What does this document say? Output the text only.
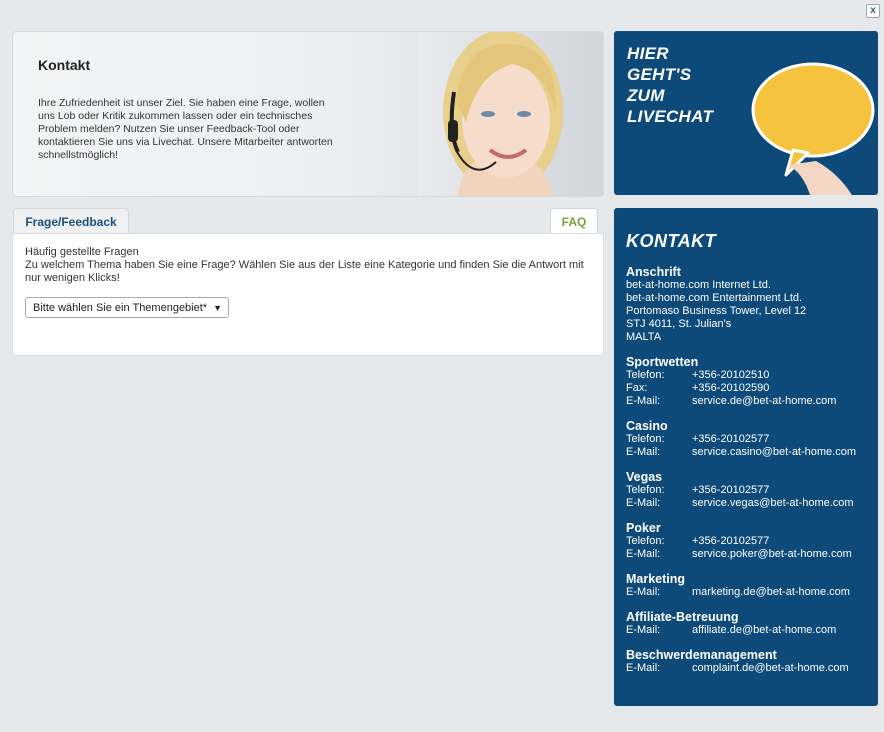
x
Kontakt
Ihre Zufriedenheit ist unser Ziel. Sie haben eine Frage, wollen uns Lob oder Kritik zukommen lassen oder ein technisches Problem melden? Nutzen Sie unser Feedback-Tool oder kontaktieren Sie uns via Livechat. Unsere Mitarbeiter antworten schnellstmöglich!
HIER
GEHT'S
ZUM
LIVECHAT
Frage/Feedback	FAQ
Häufig gestellte Fragen
Zu welchem Thema haben Sie eine Frage? Wählen Sie aus der Liste eine Kategorie und finden Sie die Antwort mit nur wenigen Klicks!
Bitte wählen Sie ein Themengebiet* ▼
KONTAKT
Anschrift
bet-at-home.com Internet Ltd.
bet-at-home.com Entertainment Ltd.
Portomaso Business Tower, Level 12
STJ 4011, St. Julian's
MALTA
Sportwetten
Telefon:	+356-20102510
Fax:	+356-20102590
E-Mail:	service.de@bet-at-home.com
Casino
Telefon:	+356-20102577
E-Mail:	service.casino@bet-at-home.com
Vegas
Telefon:	+356-20102577
E-Mail:	service.vegas@bet-at-home.com
Poker
Telefon:	+356-20102577
E-Mail:	service.poker@bet-at-home.com
Marketing
E-Mail:	marketing.de@bet-at-home.com
Affiliate-Betreuung
E-Mail:	affiliate.de@bet-at-home.com
Beschwerdemanagement
E-Mail:	complaint.de@bet-at-home.com
